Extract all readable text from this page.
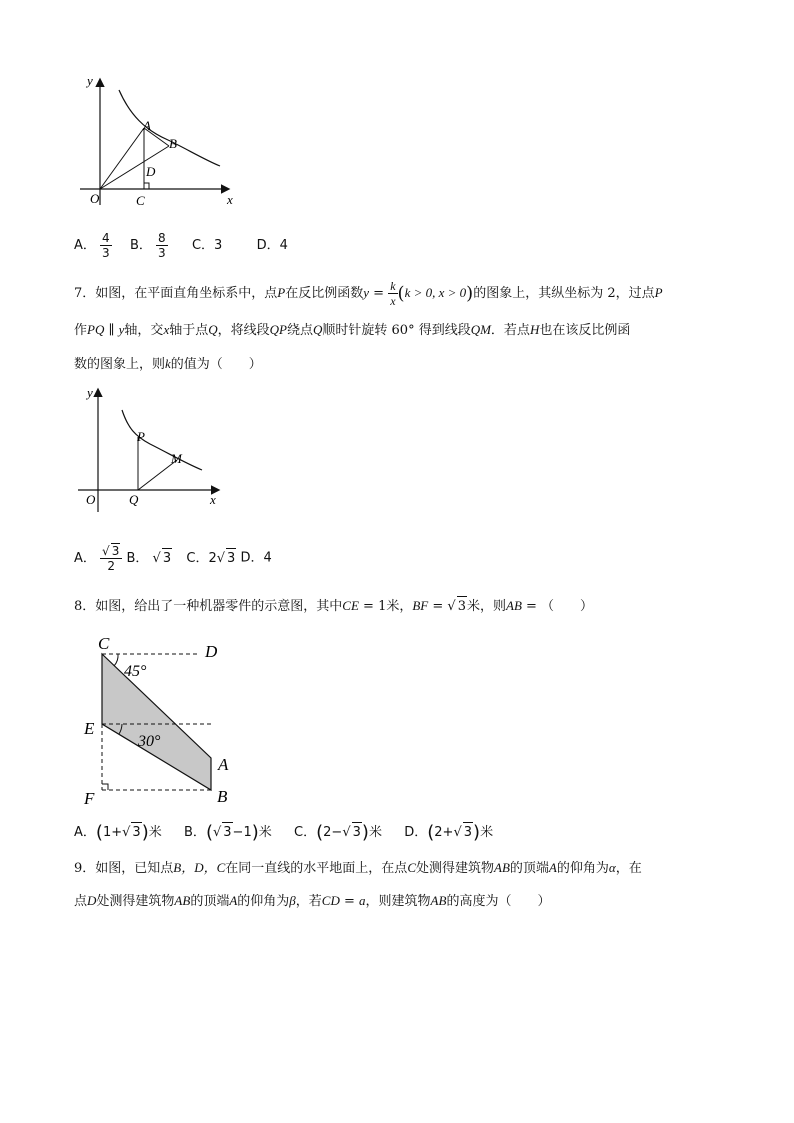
y
x
O
A
B
D
C
A． $\frac{4}{3}$ B． $\frac{8}{3}$ C．3	D．4
7．如图，在平面直角坐标系中，点P在反比例函数$y = \frac{k}{x} (k > 0$, x > 0)的图象上，其纵坐标为 2，过点P
作PQ ∥ y轴，交x轴于点Q，将线段QP绕点Q顺时针旋转 60° 得到线段QM．若点H也在该反比例函
数的图象上，则k的值为（　　）
y
x
O
P
M
Q
A． $\frac{√ 3}{2}$ B． √ 3 C．2√ 3 D．4
8．如图，给出了一种机器零件的示意图，其中CE = 1米，BF = √ 3米，则AB = （　　）
C	D
45°
E
30°
A
F	B
A．(1+√ 3)米 B．(√ 3−1)米 C．(2−√ 3)米 D．(2+√ 3)米
9．如图，已知点B，D，C在同一直线的水平地面上，在点C处测得建筑物AB的顶端A的仰角为α，在
点D处测得建筑物AB的顶端A的仰角为β，若CD = a，则建筑物AB的高度为（　　）
